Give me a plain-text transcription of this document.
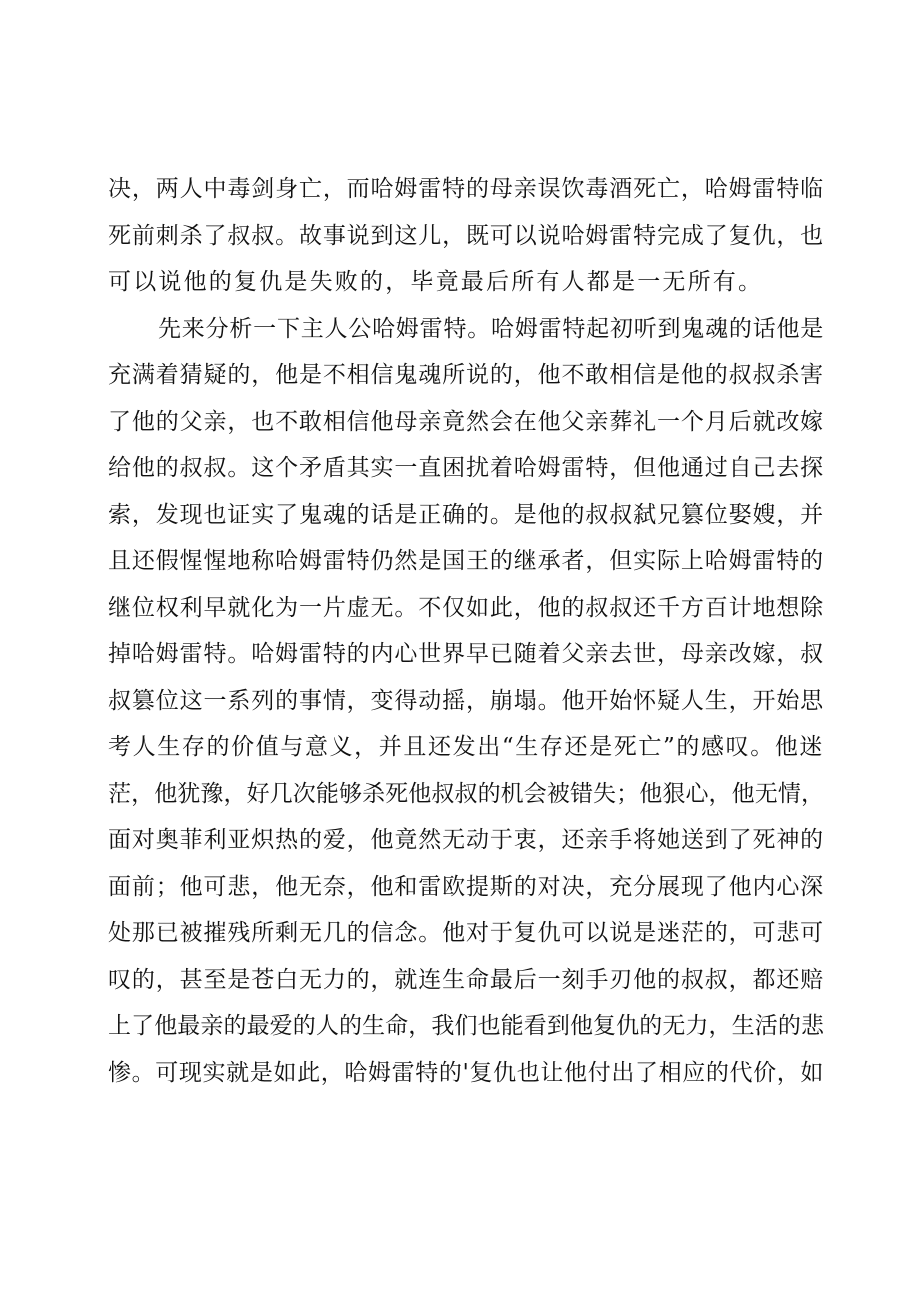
决，两人中毒剑身亡，而哈姆雷特的母亲误饮毒酒死亡，哈姆雷特临
死前刺杀了叔叔。故事说到这儿，既可以说哈姆雷特完成了复仇，也
可以说他的复仇是失败的，毕竟最后所有人都是一无所有。
先来分析一下主人公哈姆雷特。哈姆雷特起初听到鬼魂的话他是
充满着猜疑的，他是不相信鬼魂所说的，他不敢相信是他的叔叔杀害
了他的父亲，也不敢相信他母亲竟然会在他父亲葬礼一个月后就改嫁
给他的叔叔。这个矛盾其实一直困扰着哈姆雷特，但他通过自己去探
索，发现也证实了鬼魂的话是正确的。是他的叔叔弑兄篡位娶嫂，并
且还假惺惺地称哈姆雷特仍然是国王的继承者，但实际上哈姆雷特的
继位权利早就化为一片虚无。不仅如此，他的叔叔还千方百计地想除
掉哈姆雷特。哈姆雷特的内心世界早已随着父亲去世，母亲改嫁，叔
叔篡位这一系列的事情，变得动摇，崩塌。他开始怀疑人生，开始思
考人生存的价值与意义，并且还发出“生存还是死亡”的感叹。他迷
茫，他犹豫，好几次能够杀死他叔叔的机会被错失；他狠心，他无情，
面对奥菲利亚炽热的爱，他竟然无动于衷，还亲手将她送到了死神的
面前；他可悲，他无奈，他和雷欧提斯的对决，充分展现了他内心深
处那已被摧残所剩无几的信念。他对于复仇可以说是迷茫的，可悲可
叹的，甚至是苍白无力的，就连生命最后一刻手刃他的叔叔，都还赔
上了他最亲的最爱的人的生命，我们也能看到他复仇的无力，生活的悲
惨。可现实就是如此，哈姆雷特的'复仇也让他付出了相应的代价，如
